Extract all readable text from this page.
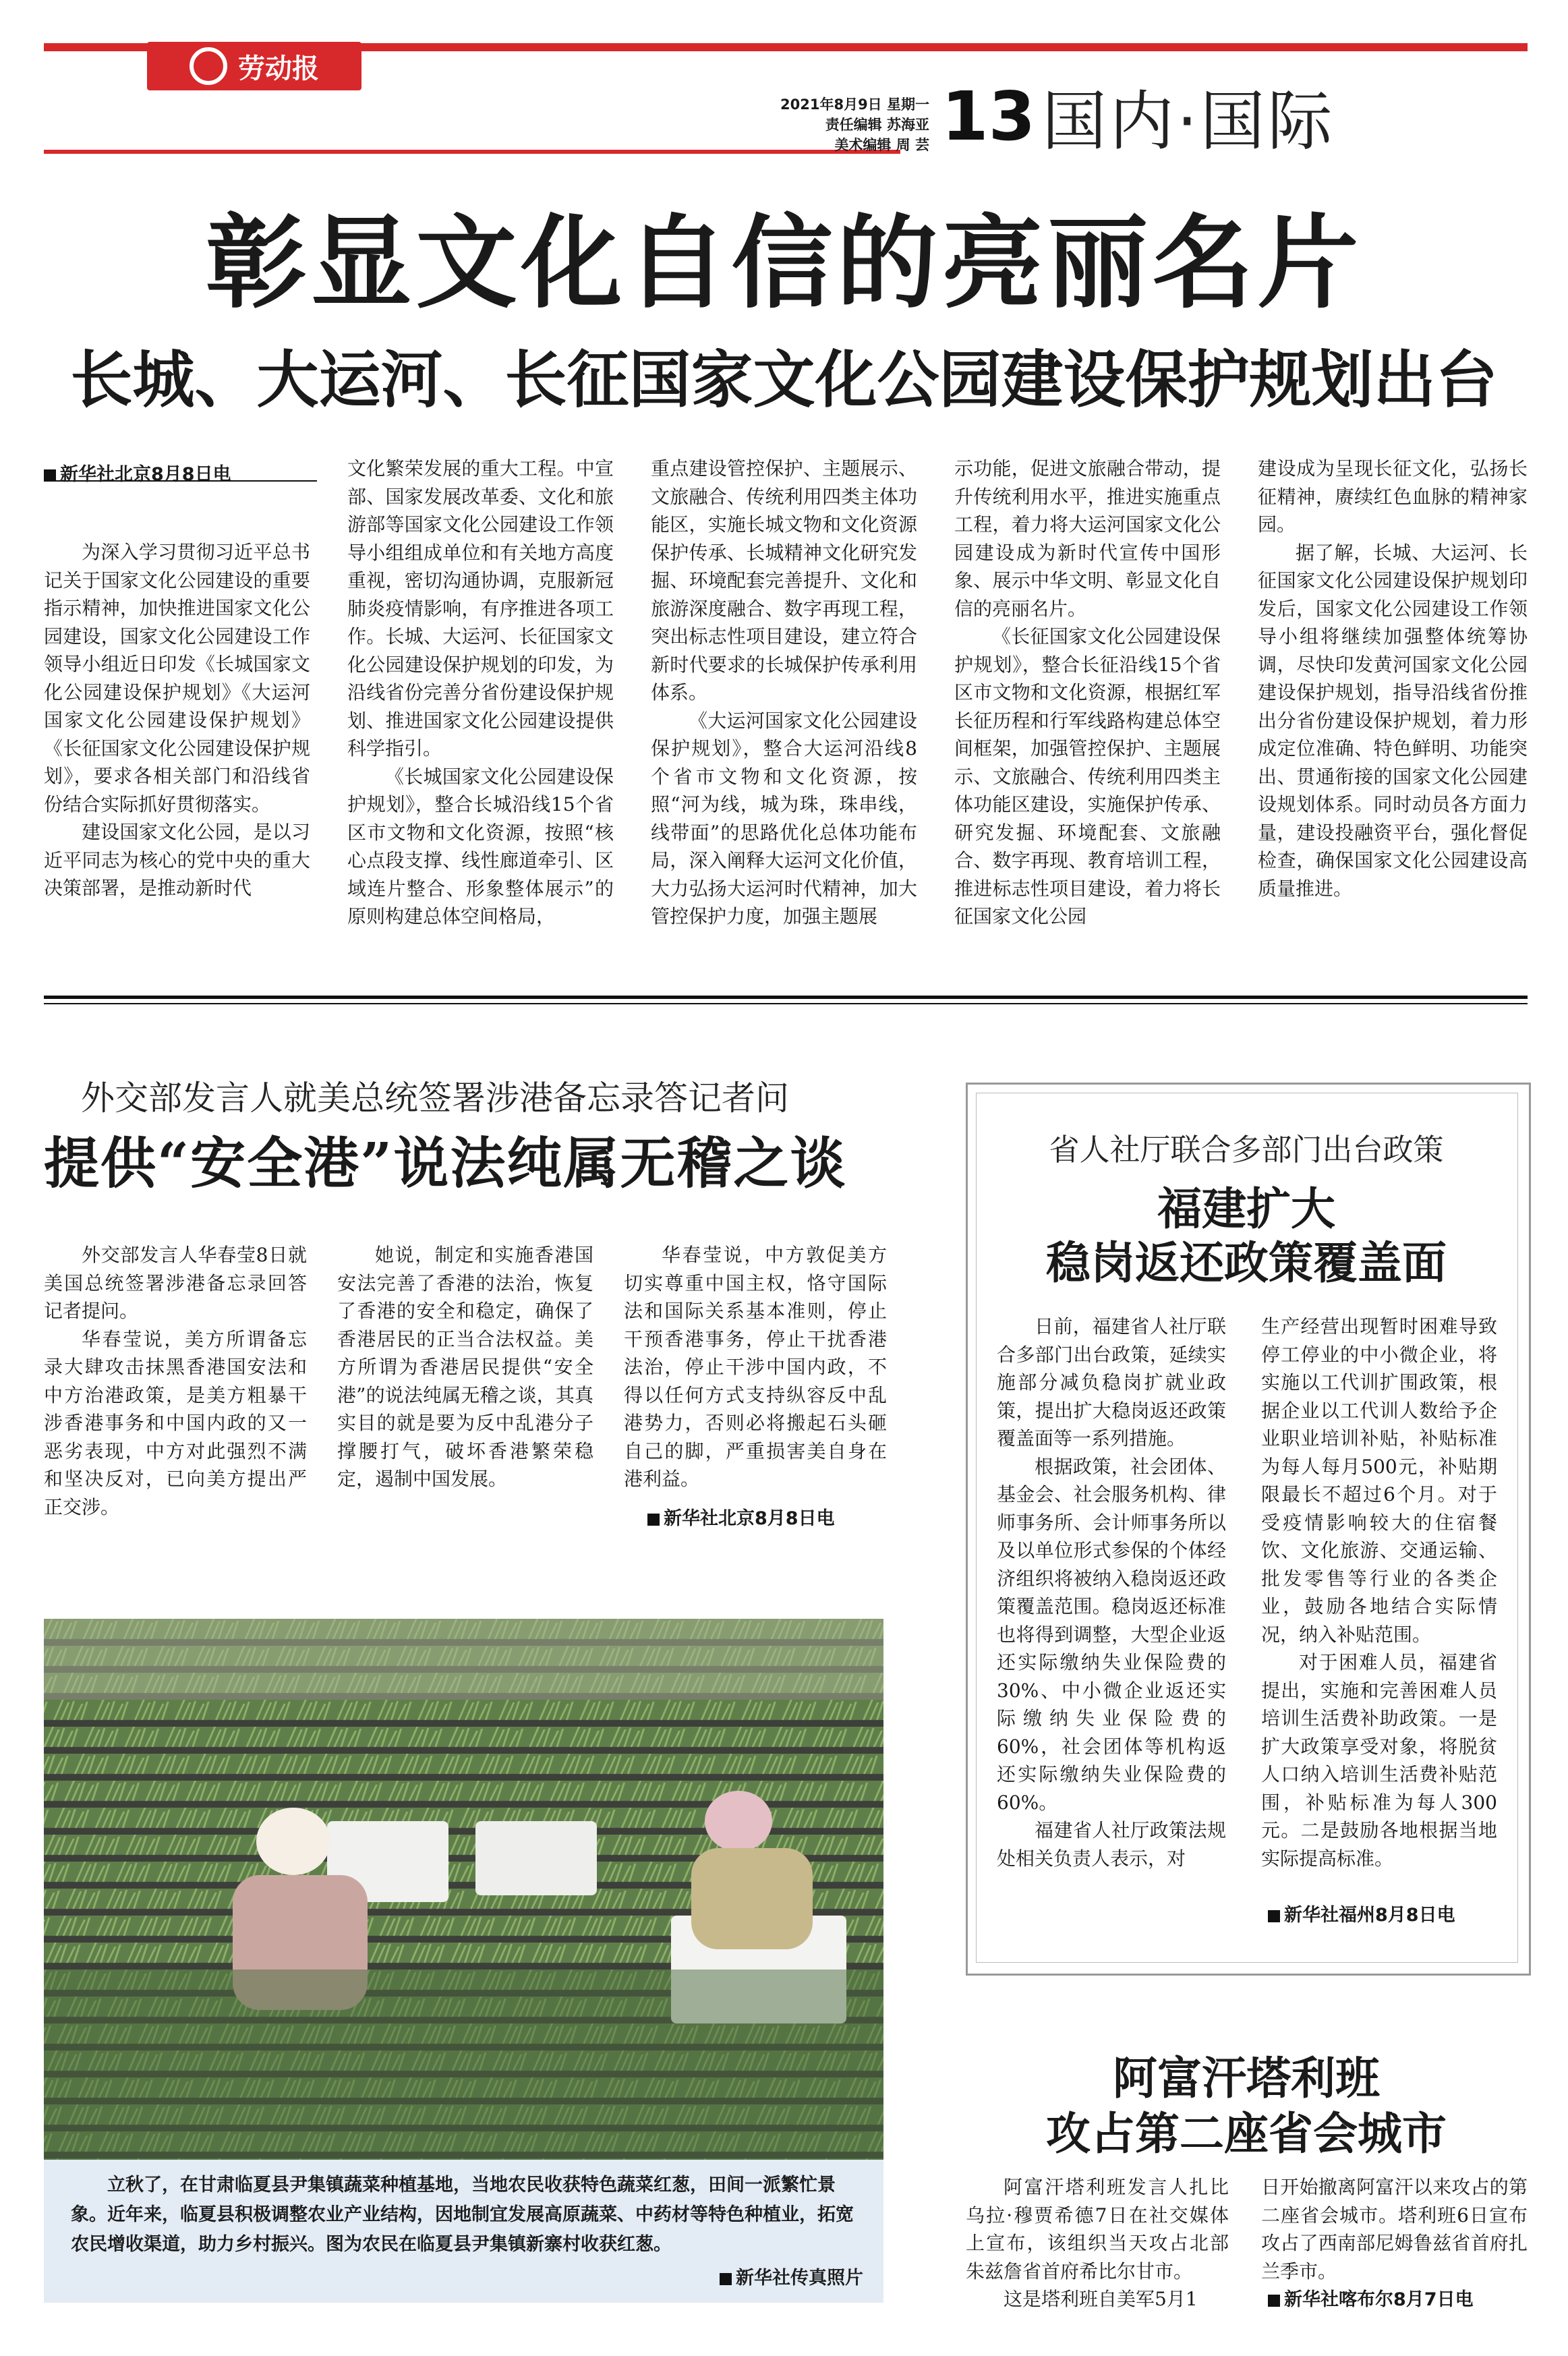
劳动报
2021年8月9日 星期一
责任编辑 苏海亚
美术编辑 周 芸 13 国内·国际
彰显文化自信的亮丽名片
长城、大运河、长征国家文化公园建设保护规划出台
新华社北京8月8日电

为深入学习贯彻习近平总书记关于国家文化公园建设的重要指示精神，加快推进国家文化公园建设，国家文化公园建设工作领导小组近日印发《长城国家文化公园建设保护规划》《大运河国家文化公园建设保护规划》《长征国家文化公园建设保护规划》，要求各相关部门和沿线省份结合实际抓好贯彻落实。

建设国家文化公园，是以习近平同志为核心的党中央的重大决策部署，是推动新时代

文化繁荣发展的重大工程。中宣部、国家发展改革委、文化和旅游部等国家文化公园建设工作领导小组组成单位和有关地方高度重视，密切沟通协调，克服新冠肺炎疫情影响，有序推进各项工作。长城、大运河、长征国家文化公园建设保护规划的印发，为沿线省份完善分省份建设保护规划、推进国家文化公园建设提供科学指引。

《长城国家文化公园建设保护规划》，整合长城沿线15个省区市文物和文化资源，按照“核心点段支撑、线性廊道牵引、区域连片整合、形象整体展示”的原则构建总体空间格局，

重点建设管控保护、主题展示、文旅融合、传统利用四类主体功能区，实施长城文物和文化资源保护传承、长城精神文化研究发掘、环境配套完善提升、文化和旅游深度融合、数字再现工程，突出标志性项目建设，建立符合新时代要求的长城保护传承利用体系。

《大运河国家文化公园建设保护规划》，整合大运河沿线8个省市文物和文化资源，按照“河为线，城为珠，珠串线，线带面”的思路优化总体功能布局，深入阐释大运河文化价值，大力弘扬大运河时代精神，加大管控保护力度，加强主题展

示功能，促进文旅融合带动，提升传统利用水平，推进实施重点工程，着力将大运河国家文化公园建设成为新时代宣传中国形象、展示中华文明、彰显文化自信的亮丽名片。

《长征国家文化公园建设保护规划》，整合长征沿线15个省区市文物和文化资源，根据红军长征历程和行军线路构建总体空间框架，加强管控保护、主题展示、文旅融合、传统利用四类主体功能区建设，实施保护传承、研究发掘、环境配套、文旅融合、数字再现、教育培训工程，推进标志性项目建设，着力将长征国家文化公园

建设成为呈现长征文化，弘扬长征精神，赓续红色血脉的精神家园。

据了解，长城、大运河、长征国家文化公园建设保护规划印发后，国家文化公园建设工作领导小组将继续加强整体统筹协调，尽快印发黄河国家文化公园建设保护规划，指导沿线省份推出分省份建设保护规划，着力形成定位准确、特色鲜明、功能突出、贯通衔接的国家文化公园建设规划体系。同时动员各方面力量，建设投融资平台，强化督促检查，确保国家文化公园建设高质量推进。

外交部发言人就美总统签署涉港备忘录答记者问
提供“安全港”说法纯属无稽之谈

外交部发言人华春莹8日就美国总统签署涉港备忘录回答记者提问。

华春莹说，美方所谓备忘录大肆攻击抹黑香港国安法和中方治港政策，是美方粗暴干涉香港事务和中国内政的又一恶劣表现，中方对此强烈不满和坚决反对，已向美方提出严正交涉。

她说，制定和实施香港国安法完善了香港的法治，恢复了香港的安全和稳定，确保了香港居民的正当合法权益。美方所谓为香港居民提供“安全港”的说法纯属无稽之谈，其真实目的就是要为反中乱港分子撑腰打气，破坏香港繁荣稳定，遏制中国发展。

华春莹说，中方敦促美方切实尊重中国主权，恪守国际法和国际关系基本准则，停止干预香港事务，停止干扰香港法治，停止干涉中国内政，不得以任何方式支持纵容反中乱港势力，否则必将搬起石头砸自己的脚，严重损害美自身在港利益。

新华社北京8月8日电
省人社厅联合多部门出台政策
福建扩大
稳岗返还政策覆盖面

日前，福建省人社厅联合多部门出台政策，延续实施部分减负稳岗扩就业政策，提出扩大稳岗返还政策覆盖面等一系列措施。

根据政策，社会团体、基金会、社会服务机构、律师事务所、会计师事务所以及以单位形式参保的个体经济组织将被纳入稳岗返还政策覆盖范围。稳岗返还标准也将得到调整，大型企业返还实际缴纳失业保险费的30%、中小微企业返还实际缴纳失业保险费的60%，社会团体等机构返还实际缴纳失业保险费的60%。

福建省人社厅政策法规处相关负责人表示，对

生产经营出现暂时困难导致停工停业的中小微企业，将实施以工代训扩围政策，根据企业以工代训人数给予企业职业培训补贴，补贴标准为每人每月500元，补贴期限最长不超过6个月。对于受疫情影响较大的住宿餐饮、文化旅游、交通运输、批发零售等行业的各类企业，鼓励各地结合实际情况，纳入补贴范围。

对于困难人员，福建省提出，实施和完善困难人员培训生活费补助政策。一是扩大政策享受对象，将脱贫人口纳入培训生活费补贴范围，补贴标准为每人300元。二是鼓励各地根据当地实际提高标准。

新华社福州8月8日电
立秋了，在甘肃临夏县尹集镇蔬菜种植基地，当地农民收获特色蔬菜红葱，田间一派繁忙景象。近年来，临夏县积极调整农业产业结构，因地制宜发展高原蔬菜、中药材等特色种植业，拓宽农民增收渠道，助力乡村振兴。图为农民在临夏县尹集镇新寨村收获红葱。
新华社传真照片
阿富汗塔利班
攻占第二座省会城市

阿富汗塔利班发言人扎比乌拉·穆贾希德7日在社交媒体上宣布，该组织当天攻占北部朱兹詹省首府希比尔甘市。

这是塔利班自美军5月1

日开始撤离阿富汗以来攻占的第二座省会城市。塔利班6日宣布攻占了西南部尼姆鲁兹省首府扎兰季市。

新华社喀布尔8月7日电
